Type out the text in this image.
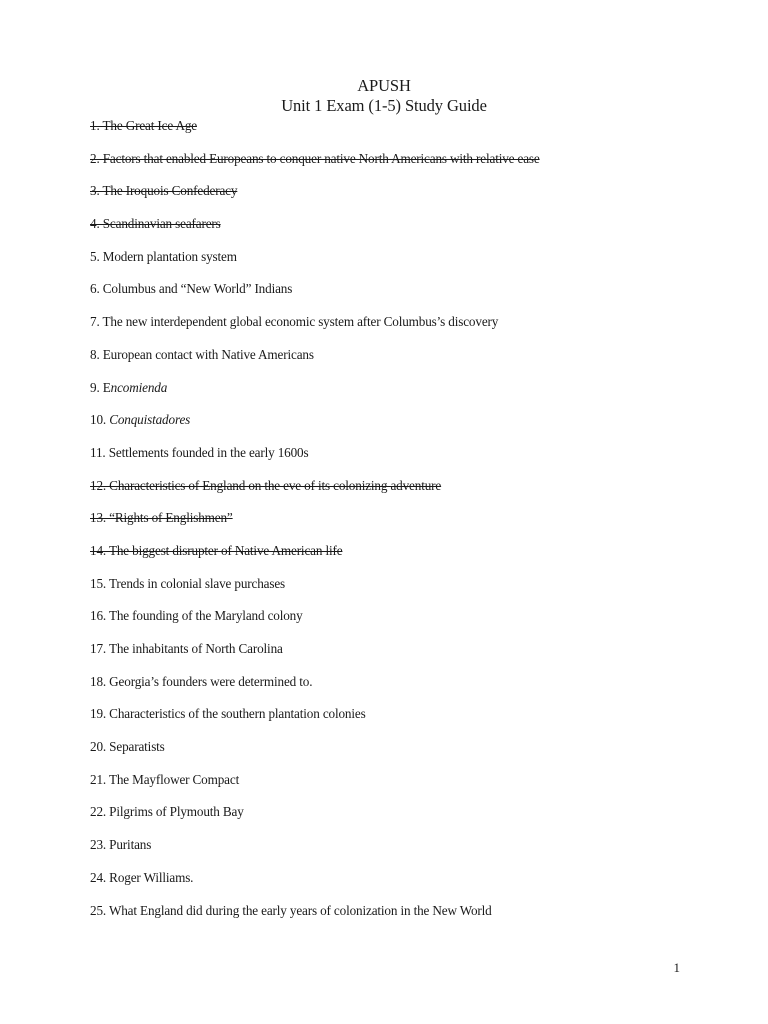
APUSH
Unit 1 Exam (1-5) Study Guide
1. The Great Ice Age
2. Factors that enabled Europeans to conquer native North Americans with relative ease
3. The Iroquois Confederacy
4. Scandinavian seafarers
5. Modern plantation system
6. Columbus and “New World” Indians
7. The new interdependent global economic system after Columbus’s discovery
8. European contact with Native Americans
9. Encomienda
10. Conquistadores
11. Settlements founded in the early 1600s
12. Characteristics of England on the eve of its colonizing adventure
13. “Rights of Englishmen”
14. The biggest disrupter of Native American life
15. Trends in colonial slave purchases
16. The founding of the Maryland colony
17. The inhabitants of North Carolina
18. Georgia’s founders were determined to.
19. Characteristics of the southern plantation colonies
20. Separatists
21. The Mayflower Compact
22. Pilgrims of Plymouth Bay
23. Puritans
24. Roger Williams.
25. What England did during the early years of colonization in the New World
1
